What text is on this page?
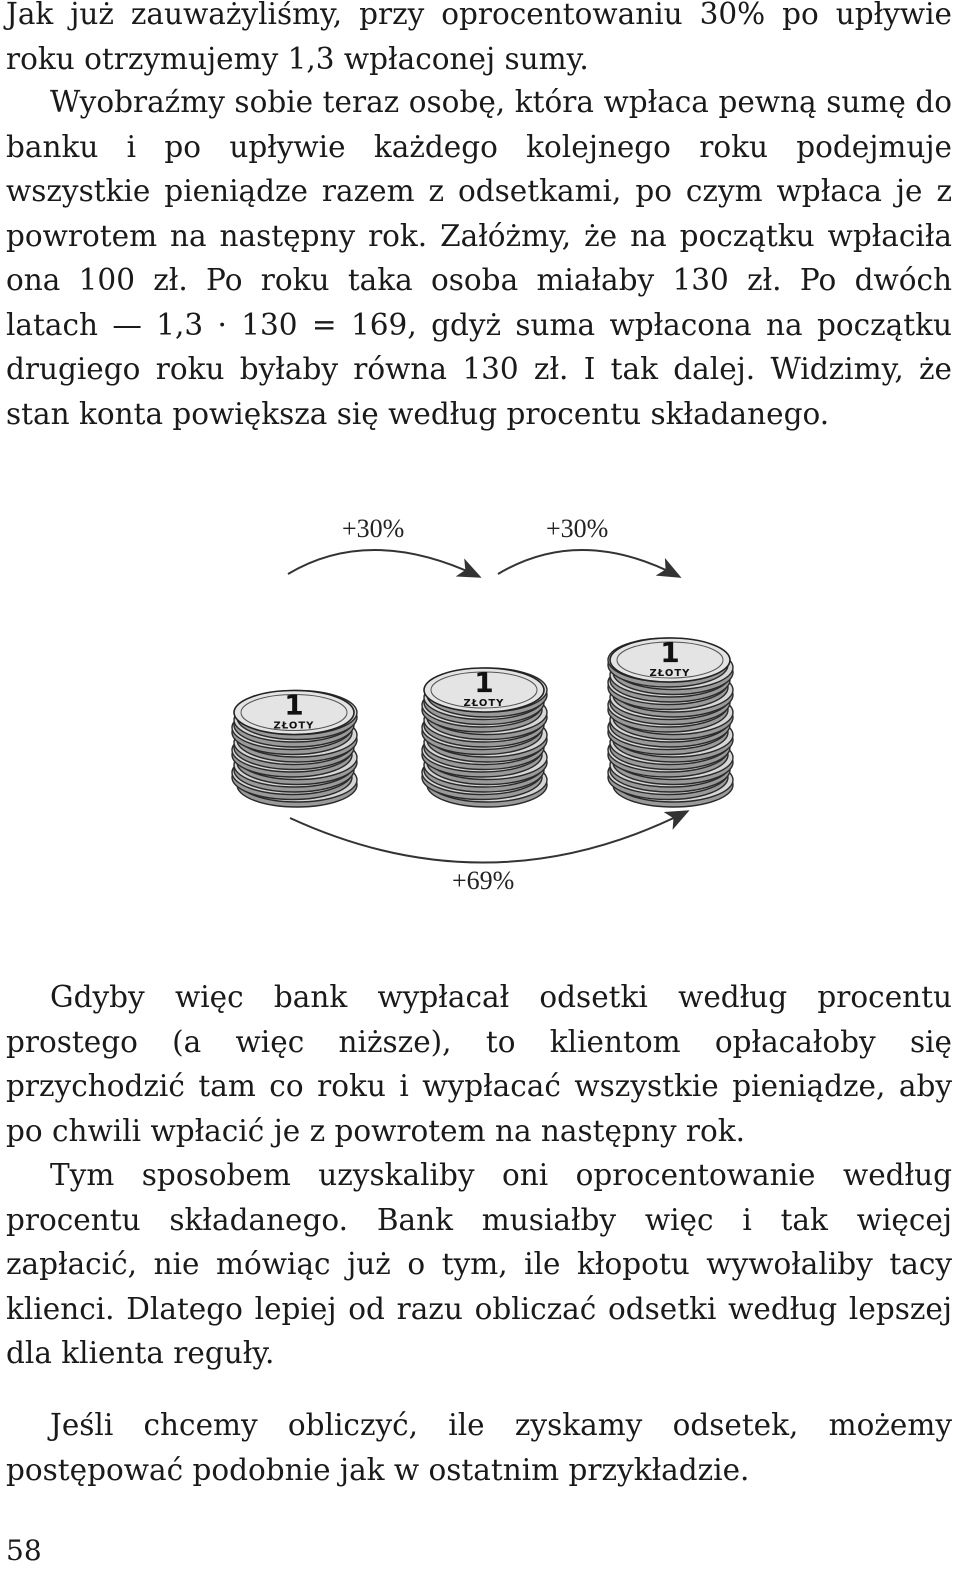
Jak już zauważyliśmy, przy oprocentowaniu 30% po upływie roku otrzymujemy 1,3 wpłaconej sumy.

Wyobraźmy sobie teraz osobę, która wpłaca pewną sumę do banku i po upływie każdego kolejnego roku podejmuje wszystkie pieniądze razem z odsetkami, po czym wpłaca je z powrotem na następny rok. Załóżmy, że na początku wpłaciła ona 100 zł. Po roku taka osoba miałaby 130 zł. Po dwóch latach — 1,3 · 130 = 169, gdyż suma wpłacona na początku drugiego roku byłaby równa 130 zł. I tak dalej. Widzimy, że stan konta powiększa się według procentu składanego.

1
ZŁOTY
1
ZŁOTY
1
ZŁOTY
+30%	+30%
+69%

Gdyby więc bank wypłacał odsetki według procentu prostego (a więc niższe), to klientom opłacałoby się przychodzić tam co roku i wypłacać wszystkie pieniądze, aby po chwili wpłacić je z powrotem na następny rok.

Tym sposobem uzyskaliby oni oprocentowanie według procentu składanego. Bank musiałby więc i tak więcej zapłacić, nie mówiąc już o tym, ile kłopotu wywołaliby tacy klienci. Dlatego lepiej od razu obliczać odsetki według lepszej dla klienta reguły.

Jeśli chcemy obliczyć, ile zyskamy odsetek, możemy postępować podobnie jak w ostatnim przykładzie.

58
